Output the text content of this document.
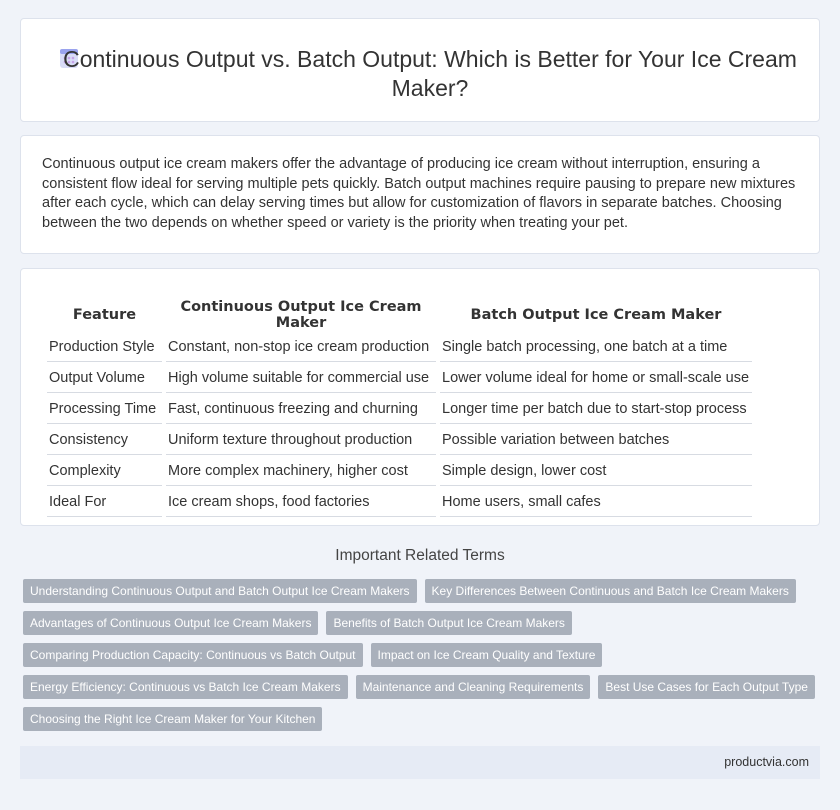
Continuous Output vs. Batch Output: Which is Better for Your Ice Cream Maker?

Continuous output ice cream makers offer the advantage of producing ice cream without interruption, ensuring a consistent flow ideal for serving multiple pets quickly. Batch output machines require pausing to prepare new mixtures after each cycle, which can delay serving times but allow for customization of flavors in separate batches. Choosing between the two depends on whether speed or variety is the priority when treating your pet.

Feature	Continuous Output Ice Cream Maker	Batch Output Ice Cream Maker
Production Style	Constant, non-stop ice cream production	Single batch processing, one batch at a time
Output Volume	High volume suitable for commercial use	Lower volume ideal for home or small-scale use
Processing Time	Fast, continuous freezing and churning	Longer time per batch due to start-stop process
Consistency	Uniform texture throughout production	Possible variation between batches
Complexity	More complex machinery, higher cost	Simple design, lower cost
Ideal For	Ice cream shops, food factories	Home users, small cafes
Important Related Terms
Understanding Continuous Output and Batch Output Ice Cream Makers	Key Differences Between Continuous and Batch Ice Cream Makers
Advantages of Continuous Output Ice Cream Makers	Benefits of Batch Output Ice Cream Makers
Comparing Production Capacity: Continuous vs Batch Output	Impact on Ice Cream Quality and Texture
Energy Efficiency: Continuous vs Batch Ice Cream Makers	Maintenance and Cleaning Requirements	Best Use Cases for Each Output Type
Choosing the Right Ice Cream Maker for Your Kitchen
productvia.com
